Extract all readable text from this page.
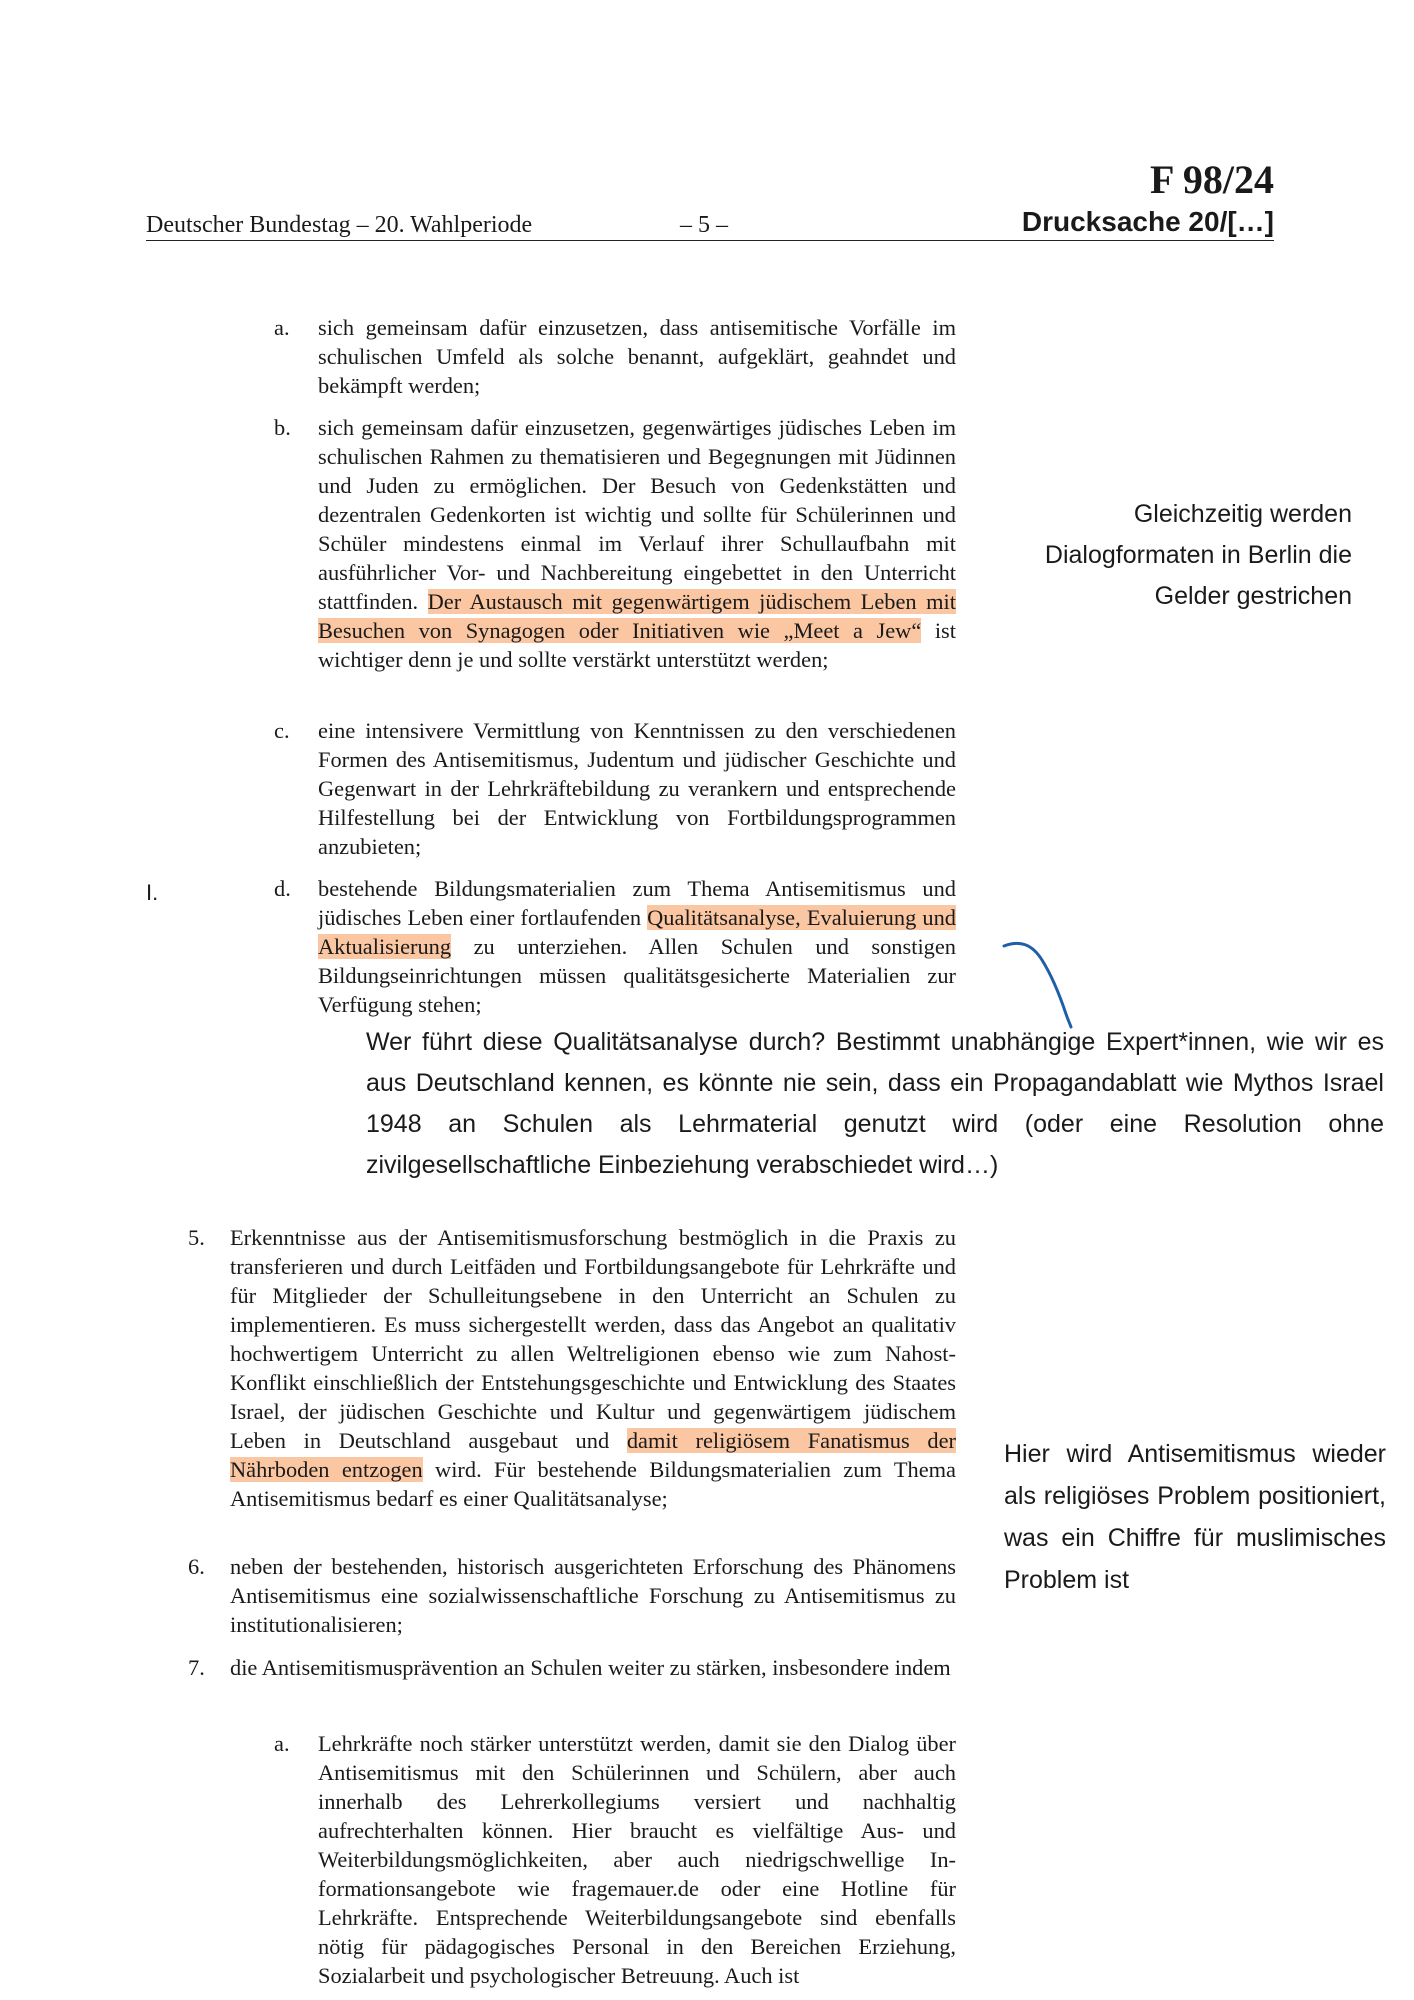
F 98/24
Deutscher Bundestag – 20. Wahlperiode	– 5 –	Drucksache 20/[…]
a. sich gemeinsam dafür einzusetzen, dass antisemitische Vorfälle im schulischen Umfeld als solche benannt, aufgeklärt, geahndet und bekämpft werden;
b. sich gemeinsam dafür einzusetzen, gegenwärtiges jüdisches Leben im schulischen Rahmen zu thematisieren und Begegnungen mit Jüdinnen und Juden zu ermöglichen. Der Besuch von Gedenkstätten und dezentralen Gedenkorten ist wichtig und sollte für Schülerinnen und Schüler mindestens einmal im Verlauf ihrer Schullaufbahn mit ausführlicher Vor- und Nachbereitung eingebettet in den Unterricht stattfinden. Der Austausch mit gegenwärtigem jüdischem Leben mit Besuchen von Synagogen oder Initiativen wie „Meet a Jew“ ist wichtiger denn je und sollte verstärkt unterstützt werden;
c. eine intensivere Vermittlung von Kenntnissen zu den verschiedenen Formen des Antisemitismus, Judentum und jüdischer Geschichte und Gegenwart in der Lehrkräftebildung zu verankern und entsprechende Hilfestellung bei der Entwicklung von Fortbildungsprogrammen anzubieten;
d. bestehende Bildungsmaterialien zum Thema Antisemitismus und jüdisches Leben einer fortlaufenden Qualitätsanalyse, Evaluierung und Aktualisierung zu unterziehen. Allen Schulen und sonstigen Bildungseinrichtungen müssen qualitätsgesicherte Materialien zur Verfügung stehen;
I.
Gleichzeitig werden Dialogformaten in Berlin die Gelder gestrichen
Wer führt diese Qualitätsanalyse durch? Bestimmt unabhängige Expert*innen, wie wir es aus Deutschland kennen, es könnte nie sein, dass ein Propagandablatt wie Mythos Israel 1948 an Schulen als Lehrmaterial genutzt wird (oder eine Resolution ohne zivilgesellschaftliche Einbeziehung verabschiedet wird…)
5. Erkenntnisse aus der Antisemitismusforschung bestmöglich in die Praxis zu transferieren und durch Leitfäden und Fortbildungsangebote für Lehrkräfte und für Mitglieder der Schulleitungsebene in den Unterricht an Schulen zu implementieren. Es muss sichergestellt werden, dass das Angebot an qualitativ hochwertigem Unterricht zu allen Weltreligionen ebenso wie zum Nahost-Konflikt einschließlich der Entstehungsgeschichte und Entwicklung des Staates Israel, der jüdischen Geschichte und Kultur und gegenwärtigem jüdischem Leben in Deutschland ausgebaut und damit religiösem Fanatismus der Nährboden entzogen wird. Für bestehende Bildungsmaterialien zum Thema Antisemitismus bedarf es einer Qualitätsanalyse;
Hier wird Antisemitismus wieder als religiöses Problem positioniert, was ein Chiffre für muslimisches Problem ist
6. neben der bestehenden, historisch ausgerichteten Erforschung des Phänomens Antisemitismus eine sozialwissenschaftliche Forschung zu Antisemitismus zu institutionalisieren;
7. die Antisemitismusprävention an Schulen weiter zu stärken, insbesondere indem
a. Lehrkräfte noch stärker unterstützt werden, damit sie den Dialog über Antisemitismus mit den Schülerinnen und Schülern, aber auch innerhalb des Lehrerkollegiums versiert und nachhaltig aufrechterhalten können. Hier braucht es vielfältige Aus- und Weiterbildungsmöglichkeiten, aber auch niedrigschwellige Informationsangebote wie fragemauer.de oder eine Hotline für Lehrkräfte. Entsprechende Weiterbildungsangebote sind ebenfalls nötig für pädagogisches Personal in den Bereichen Erziehung, Sozialarbeit und psychologischer Betreuung. Auch ist
